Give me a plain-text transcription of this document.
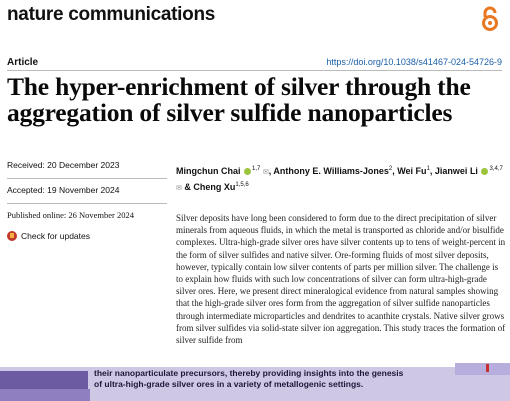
nature communications
Article	https://doi.org/10.1038/s41467-024-54726-9
The hyper-enrichment of silver through the aggregation of silver sulfide nanoparticles
Received: 20 December 2023
Accepted: 19 November 2024
Published online: 26 November 2024
Check for updates
Mingchun Chai $^{1,7}$ ✉, Anthony E. Williams-Jones$^2$, Wei Fu$^1$, Jianwei Li $^{3,4,7}$ ✉ & Cheng Xu$^{1,5,6}$

Silver deposits have long been considered to form due to the direct precipitation of silver minerals from aqueous fluids, in which the metal is transported as chloride and/or bisulfide complexes. Ultra-high-grade silver ores have silver contents up to tens of weight-percent in the form of silver sulfides and native silver. Ore-forming fluids of most silver deposits, however, typically contain low silver contents of parts per million silver. The challenge is to explain how fluids with such low concentrations of silver can form ultra-high-grade silver ores. Here, we present direct mineralogical evidence from natural samples showing that the high-grade silver ores form from the aggregation of silver sulfide nanoparticles through intermediate microparticles and dendrites to acanthite crystals. Native silver grows from silver sulfides via solid-state silver ion aggregation. This study traces the formation of silver sulfide from

their nanoparticulate precursors, thereby providing insights into the genesis
of ultra-high-grade silver ores in a variety of metallogenic settings.
